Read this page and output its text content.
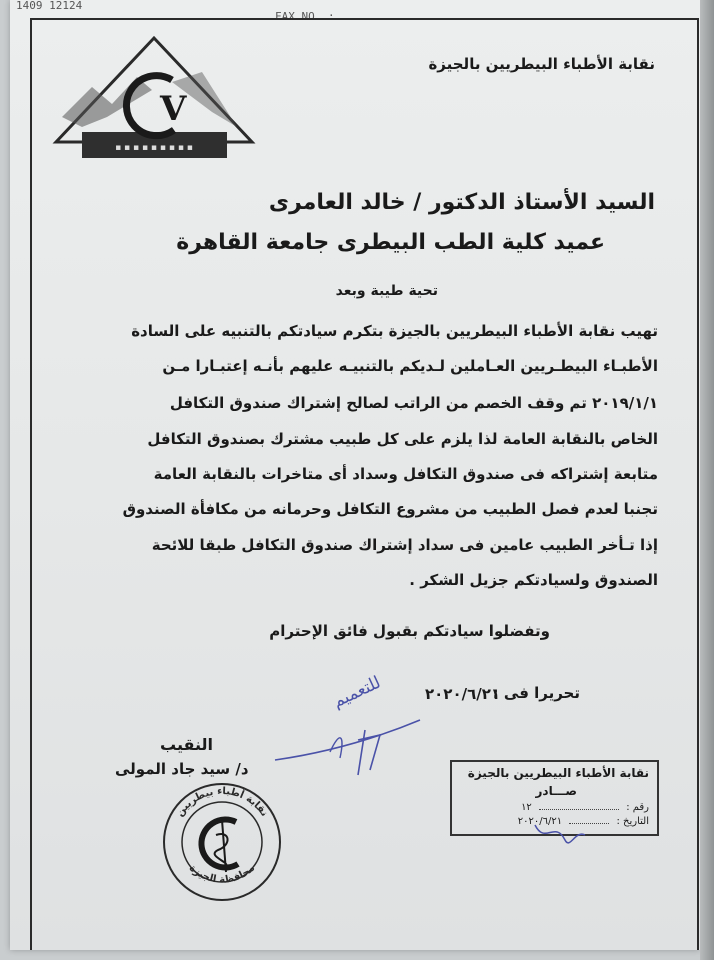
1409 12124
FAX NO. :
▪ ▪ ▪ ▪ ▪ ▪ ▪ ▪ ▪
V
نقابة الأطباء البيطريين بالجيزة
السيد الأستاذ الدكتور / خالد العامرى
عميد كلية الطب البيطرى جامعة القاهرة
تحية طيبة وبعد
تهيب نقابة الأطباء البيطريين بالجيزة بتكرم سيادتكم بالتنبيه على السادة
الأطبـاء البيطـريين العـاملين لـديكم بالتنبيـه عليهم بأنـه إعتبـارا مـن
٢٠١٩/١/١ تم وقف الخصم من الراتب لصالح إشتراك صندوق التكافل
الخاص بالنقابة العامة لذا يلزم على كل طبيب مشترك بصندوق التكافل
متابعة إشتراكه فى صندوق التكافل وسداد أى متاخرات بالنقابة العامة
تجنبا لعدم فصل الطبيب من مشروع التكافل وحرمانه من مكافأة الصندوق
إذا تـأخر الطبيب عامين فى سداد إشتراك صندوق التكافل طبقا للائحة
الصندوق ولسيادتكم جزيل الشكر .
وتفضلوا سيادتكم بقبول فائق الإحترام
تحريرا فى :
٢٠٢٠/٦/٢١
للتعميم
النقيب
د/ سيد جاد المولى	نقابة الأطباء البيطريين بالجيزة
صـــادر
رقم :  ١٢
التاريخ :  ٢٠٢٠/٦/٢١
نقابة أطباء بيطريين
محافظة الجيزة
